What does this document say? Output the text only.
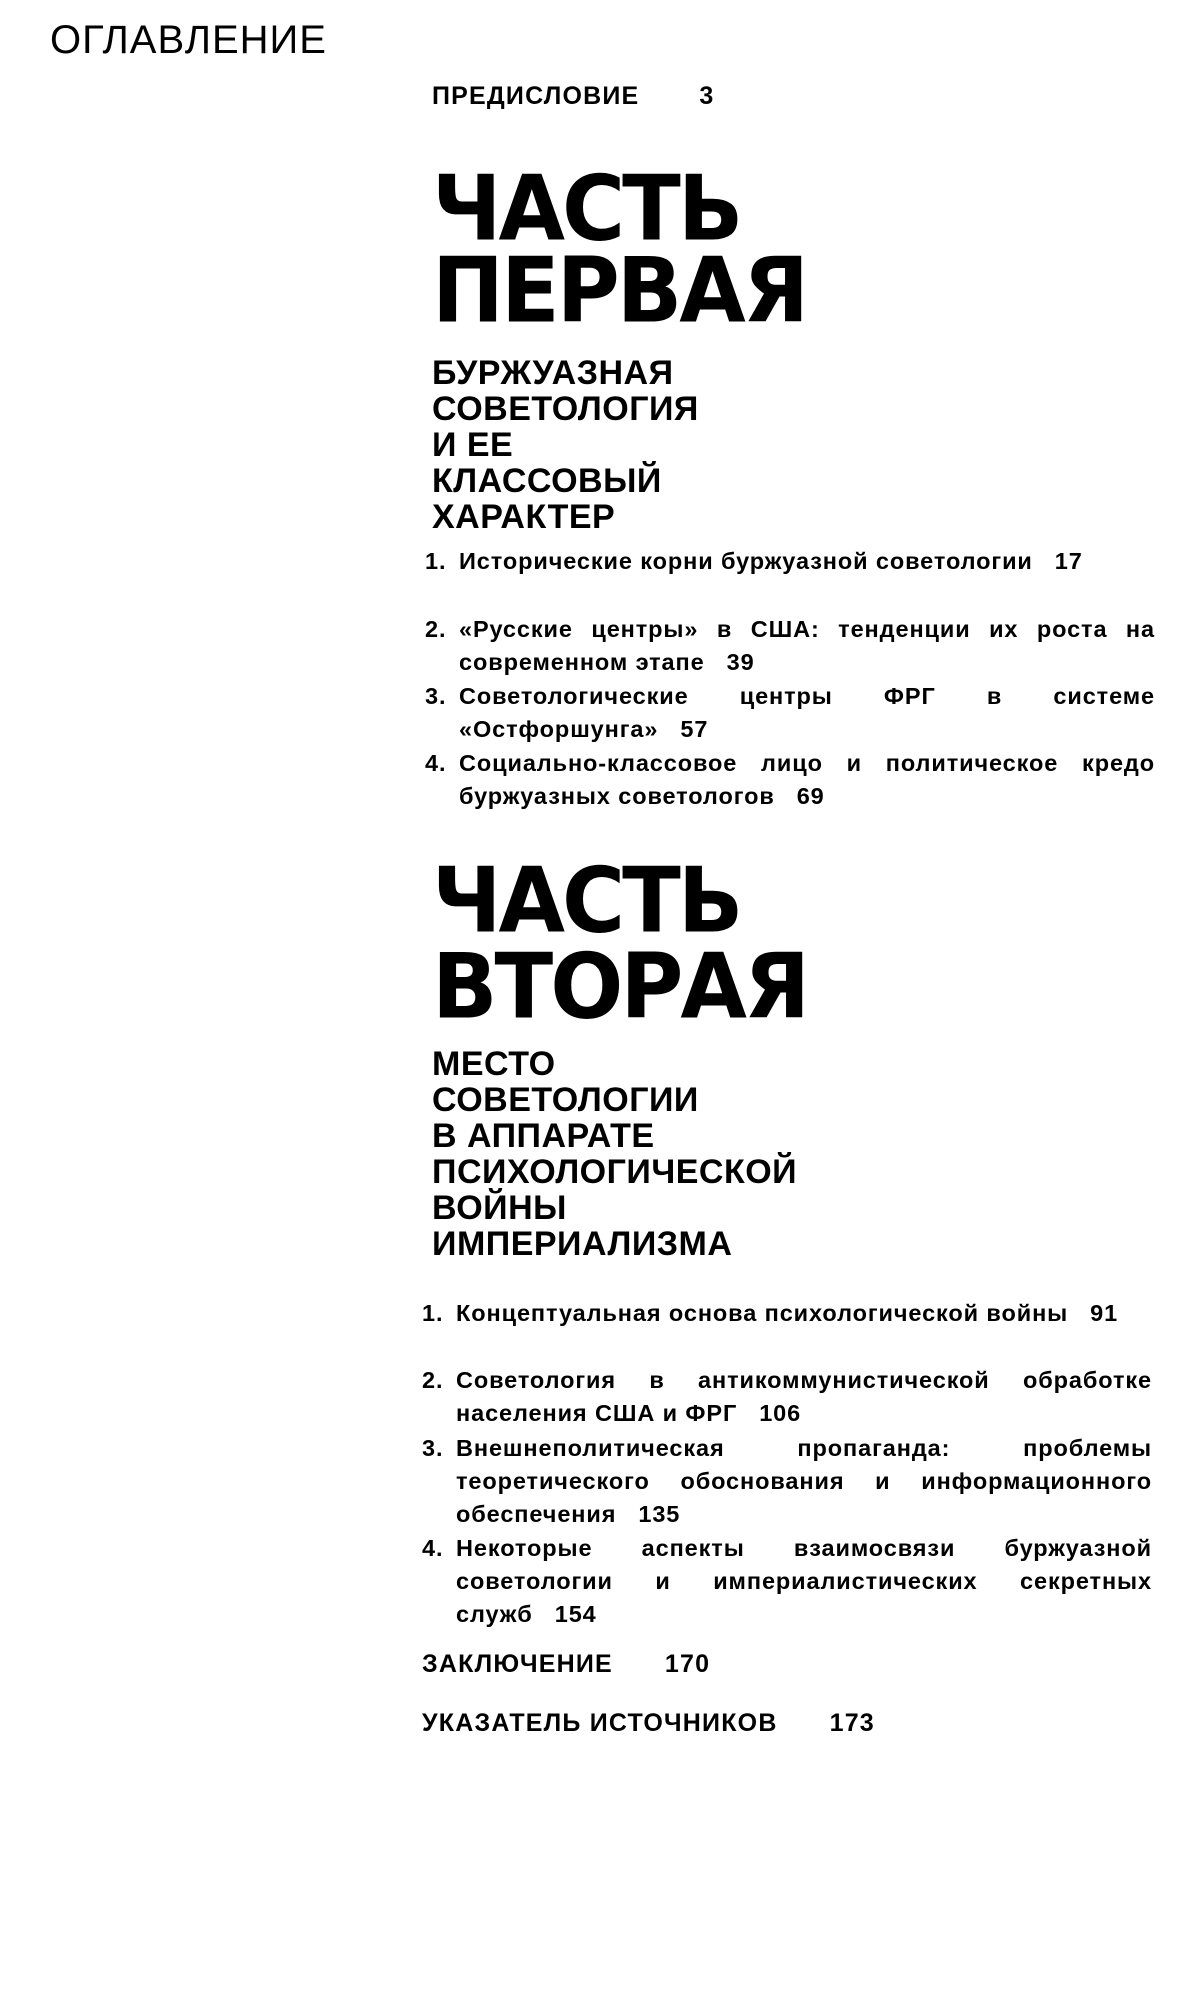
ОГЛАВЛЕНИЕ
ПРЕДИСЛОВИЕ 3
ЧАСТЬ
ПЕРВАЯ
БУРЖУАЗНАЯ
СОВЕТОЛОГИЯ
И ЕЕ
КЛАССОВЫЙ
ХАРАКТЕР
1. Исторические корни буржуазной советологии 17
2. «Русские центры» в США: тенденции их роста на современном этапе 39
3. Советологические центры ФРГ в системе «Остфоршунга» 57
4. Социально-классовое лицо и политическое кредо буржуазных советологов 69
ЧАСТЬ
ВТОРАЯ
МЕСТО
СОВЕТОЛОГИИ
В АППАРАТЕ
ПСИХОЛОГИЧЕСКОЙ
ВОЙНЫ
ИМПЕРИАЛИЗМА
1. Концептуальная основа психологической войны 91
2. Советология в антикоммунистической обработке населения США и ФРГ 106
3. Внешнеполитическая пропаганда: проблемы теоретического обоснования и информационного обеспечения 135
4. Некоторые аспекты взаимосвязи буржуазной советологии и империалистических секретных служб 154
ЗАКЛЮЧЕНИЕ 170
УКАЗАТЕЛЬ ИСТОЧНИКОВ 173
